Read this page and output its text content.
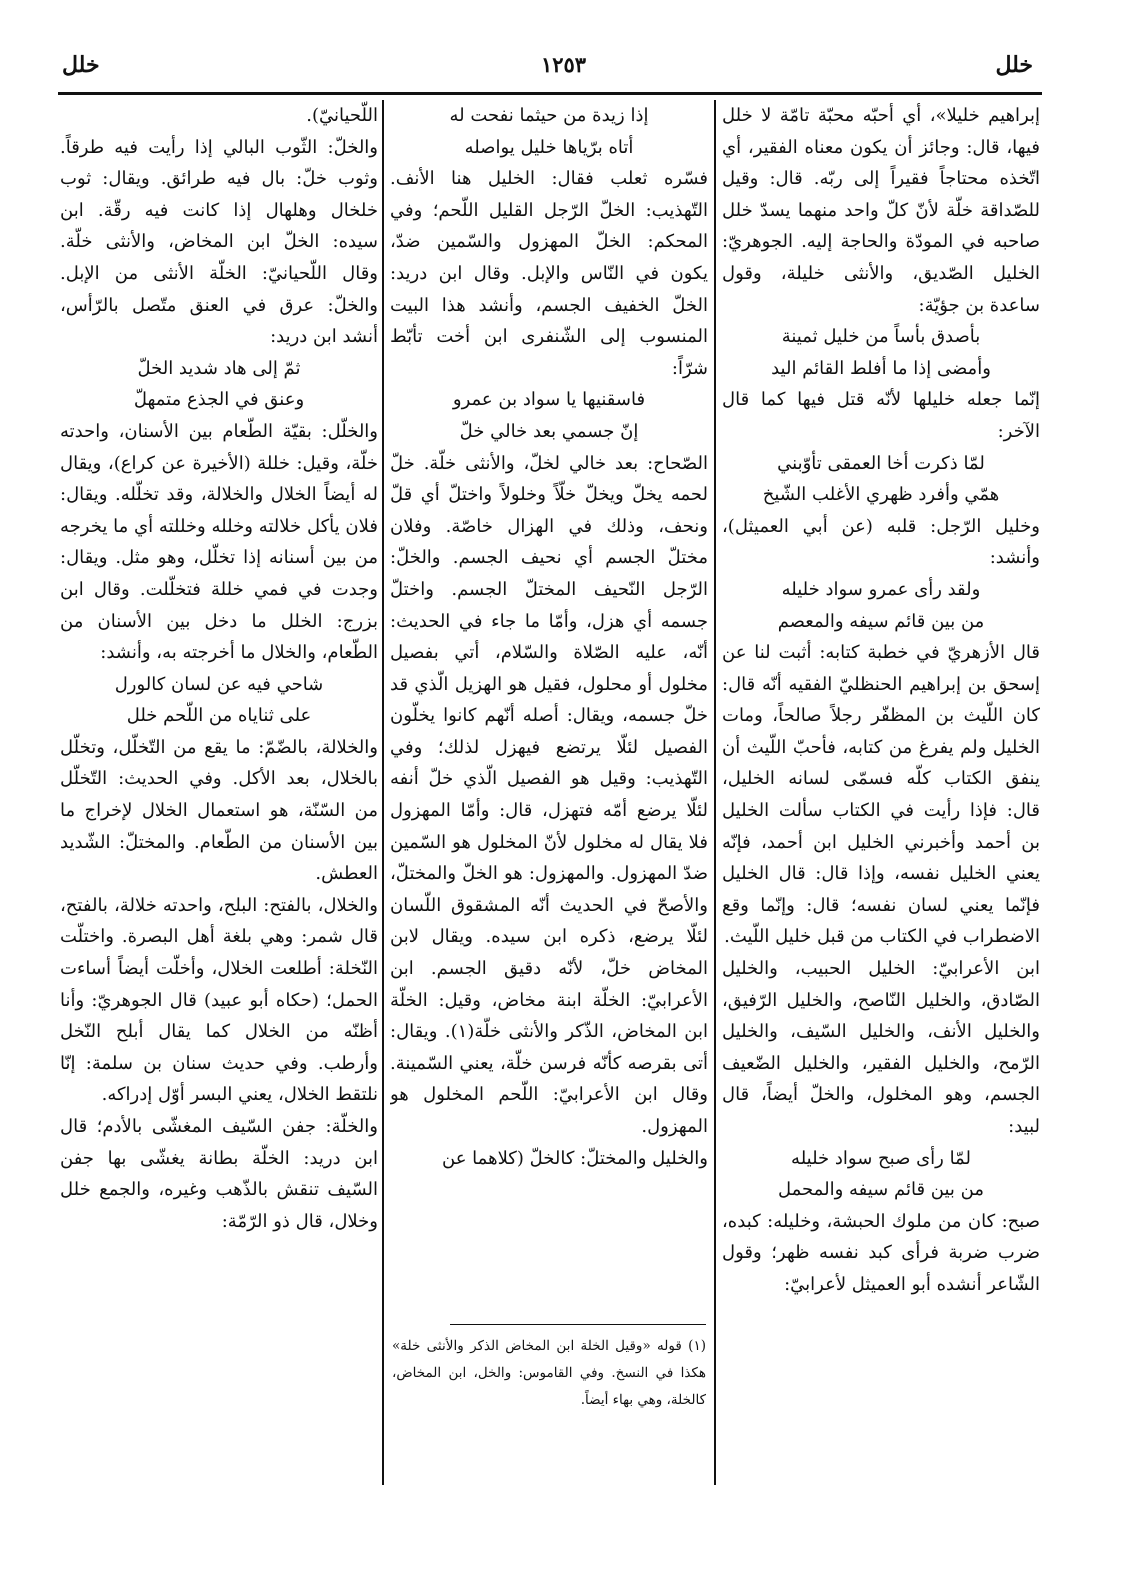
خلل
١٢٥٣
خلل

إبراهيم خليلا»، أي أحبّه محبّة تامّة لا خلل فيها، قال: وجائز أن يكون معناه الفقير، أي اتّخذه محتاجاً فقيراً إلى ربّه. قال: وقيل للصّداقة خلّة لأنّ كلّ واحد منهما يسدّ خلل صاحبه في المودّة والحاجة إليه. الجوهريّ: الخليل الصّديق، والأنثى خليلة، وقول ساعدة بن جؤيّة:

بأصدق بأساً من خليل ثمينة

وأمضى إذا ما أفلط القائم اليد

إنّما جعله خليلها لأنّه قتل فيها كما قال الآخر:

لمّا ذكرت أخا العمقى تأوّبني

همّي وأفرد ظهري الأغلب الشّيخ

وخليل الرّجل: قلبه (عن أبي العميثل)، وأنشد:

ولقد رأى عمرو سواد خليله

من بين قائم سيفه والمعصم

قال الأزهريّ في خطبة كتابه: أثبت لنا عن إسحق بن إبراهيم الحنظليّ الفقيه أنّه قال: كان اللّيث بن المظفّر رجلاً صالحاً، ومات الخليل ولم يفرغ من كتابه، فأحبّ اللّيث أن ينفق الكتاب كلّه فسمّى لسانه الخليل، قال: فإذا رأيت في الكتاب سألت الخليل بن أحمد وأخبرني الخليل ابن أحمد، فإنّه يعني الخليل نفسه، وإذا قال: قال الخليل فإنّما يعني لسان نفسه؛ قال: وإنّما وقع الاضطراب في الكتاب من قبل خليل اللّيث.

ابن الأعرابيّ: الخليل الحبيب، والخليل الصّادق، والخليل النّاصح، والخليل الرّفيق، والخليل الأنف، والخليل السّيف، والخليل الرّمح، والخليل الفقير، والخليل الضّعيف الجسم، وهو المخلول، والخلّ أيضاً، قال لبيد:

لمّا رأى صبح سواد خليله

من بين قائم سيفه والمحمل

صبح: كان من ملوك الحبشة، وخليله: كبده، ضرب ضربة فرأى كبد نفسه ظهر؛ وقول الشّاعر أنشده أبو العميثل لأعرابيّ:

إذا زيدة من حيثما نفحت له

أتاه برّياها خليل يواصله

فسّره ثعلب فقال: الخليل هنا الأنف. التّهذيب: الخلّ الرّجل القليل اللّحم؛ وفي المحكم: الخلّ المهزول والسّمين ضدّ، يكون في النّاس والإبل. وقال ابن دريد: الخلّ الخفيف الجسم، وأنشد هذا البيت المنسوب إلى الشّنفرى ابن أخت تأبّط شرّاً:

فاسقنيها يا سواد بن عمرو

إنّ جسمي بعد خالي خلّ

الصّحاح: بعد خالي لخلّ، والأنثى خلّة. خلّ لحمه يخلّ ويخلّ خلّاً وخلولاً واختلّ أي قلّ ونحف، وذلك في الهزال خاصّة. وفلان مختلّ الجسم أي نحيف الجسم. والخلّ: الرّجل النّحيف المختلّ الجسم. واختلّ جسمه أي هزل، وأمّا ما جاء في الحديث: أنّه، عليه الصّلاة والسّلام، أتي بفصيل مخلول أو محلول، فقيل هو الهزيل الّذي قد خلّ جسمه، ويقال: أصله أنّهم كانوا يخلّون الفصيل لئلّا يرتضع فيهزل لذلك؛ وفي التّهذيب: وقيل هو الفصيل الّذي خلّ أنفه لئلّا يرضع أمّه فتهزل، قال: وأمّا المهزول فلا يقال له مخلول لأنّ المخلول هو السّمين ضدّ المهزول. والمهزول: هو الخلّ والمختلّ، والأصحّ في الحديث أنّه المشقوق اللّسان لئلّا يرضع، ذكره ابن سيده. ويقال لابن المخاض خلّ، لأنّه دقيق الجسم. ابن الأعرابيّ: الخلّة ابنة مخاض، وقيل: الخلّة ابن المخاض، الذّكر والأنثى خلّة(١). ويقال: أتى بقرصه كأنّه فرسن خلّة، يعني السّمينة. وقال ابن الأعرابيّ: اللّحم المخلول هو المهزول.

والخليل والمختلّ: كالخلّ (كلاهما عن

(١) قوله «وقيل الخلة ابن المخاض الذكر والأنثى خلة» هكذا في النسخ. وفي القاموس: والخل، ابن المخاض، كالخلة، وهي بهاء أيضاً.

اللّحيانيّ).

والخلّ: الثّوب البالي إذا رأيت فيه طرقاً. وثوب خلّ: بال فيه طرائق. ويقال: ثوب خلخال وهلهال إذا كانت فيه رقّة. ابن سيده: الخلّ ابن المخاض، والأنثى خلّة. وقال اللّحيانيّ: الخلّة الأنثى من الإبل. والخلّ: عرق في العنق متّصل بالرّأس، أنشد ابن دريد:

ثمّ إلى هاد شديد الخلّ

وعنق في الجذع متمهلّ

والخلّل: بقيّة الطّعام بين الأسنان، واحدته خلّة، وقيل: خللة (الأخيرة عن كراع)، ويقال له أيضاً الخلال والخلالة، وقد تخلّله. ويقال: فلان يأكل خلالته وخلله وخللته أي ما يخرجه من بين أسنانه إذا تخلّل، وهو مثل. ويقال: وجدت في فمي خللة فتخلّلت. وقال ابن بزرج: الخلل ما دخل بين الأسنان من الطّعام، والخلال ما أخرجته به، وأنشد:

شاحي فيه عن لسان كالورل

على ثناياه من اللّحم خلل

والخلالة، بالضّمّ: ما يقع من التّخلّل، وتخلّل بالخلال، بعد الأكل. وفي الحديث: التّخلّل من السّنّة، هو استعمال الخلال لإخراج ما بين الأسنان من الطّعام. والمختلّ: الشّديد العطش.

والخلال، بالفتح: البلح، واحدته خلالة، بالفتح، قال شمر: وهي بلغة أهل البصرة. واختلّت النّخلة: أطلعت الخلال، وأخلّت أيضاً أساءت الحمل؛ (حكاه أبو عبيد) قال الجوهريّ: وأنا أظنّه من الخلال كما يقال أبلح النّخل وأرطب. وفي حديث سنان بن سلمة: إنّا نلتقط الخلال، يعني البسر أوّل إدراكه.

والخلّة: جفن السّيف المغشّى بالأدم؛ قال ابن دريد: الخلّة بطانة يغشّى بها جفن السّيف تنقش بالذّهب وغيره، والجمع خلل وخلال، قال ذو الرّمّة:
